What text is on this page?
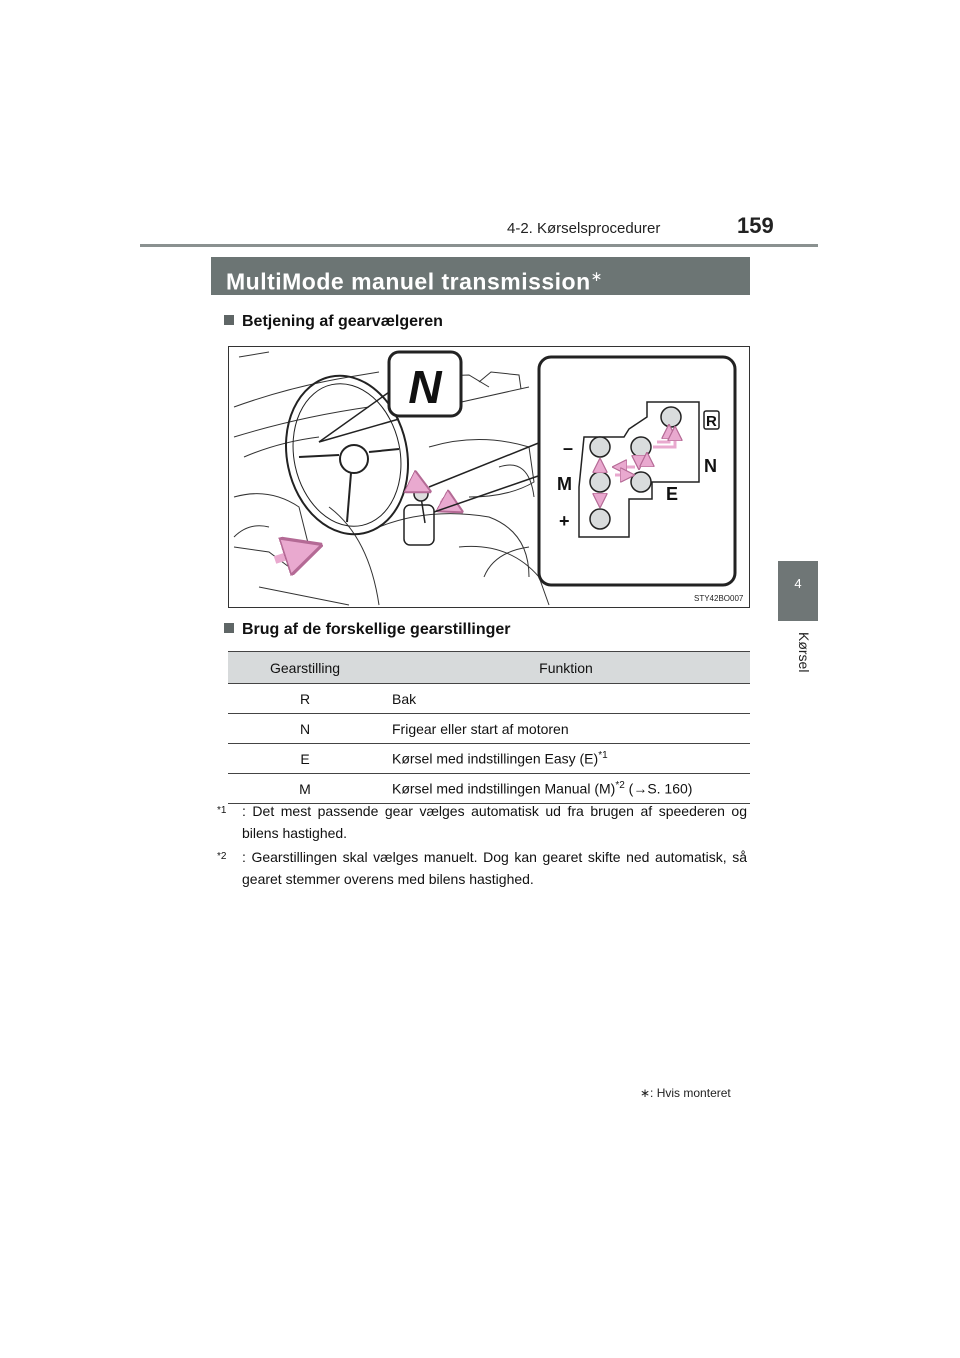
4-2. Kørselsprocedurer	159
4
Kørsel
MultiMode manuel transmission∗
Betjening af gearvælgeren
N
–
M
+
R
N
E
STY42BO007
Brug af de forskellige gearstillinger
Gearstilling	Funktion
R	Bak
N	Frigear eller start af motoren
E	Kørsel med indstillingen Easy $(E)^{*1}$
M	Kørsel med indstillingen Manual $(M)^{*2}$ (→S. 160)
*1	: Det mest passende gear vælges automatisk ud fra brugen af speederen og bilens hastighed.
*2	: Gearstillingen skal vælges manuelt. Dog kan gearet skifte ned automatisk, så gearet stemmer overens med bilens hastighed.
∗: Hvis monteret
